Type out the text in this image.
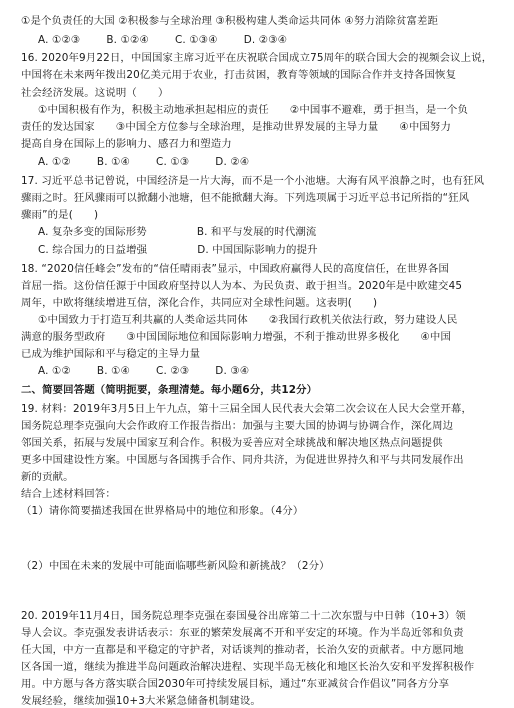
①是个负责任的大国 ②积极参与全球治理 ③积极构建人类命运共同体 ④努力消除贫富差距
A. ①②③	B. ①②④	C. ①③④	D. ②③④
16. 2020年9月22日，中国国家主席习近平在庆祝联合国成立75周年的联合国大会的视频会议上说，
中国将在未来两年拨出20亿美元用于农业，打击贫困，教育等领域的国际合作并支持各国恢复
社会经济发展。这说明（　　）
①中国积极有作为，积极主动地承担起相应的责任　　②中国事不避难，勇于担当，是一个负
责任的发达国家　　③中国全方位参与全球治理，是推动世界发展的主导力量　　④中国努力
提高自身在国际上的影响力、感召力和塑造力
A. ①②	B. ①④	C. ①③	D. ②④
17. 习近平总书记曾说，中国经济是一片大海，而不是一个小池塘。大海有风平浪静之时，也有狂风
骤雨之时。狂风骤雨可以掀翻小池塘，但不能掀翻大海。下列选项属于习近平总书记所指的“狂风
骤雨”的是(　　)
A. 复杂多变的国际形势	B. 和平与发展的时代潮流
C. 综合国力的日益增强	D. 中国国际影响力的提升
18. “2020信任峰会”发布的“信任晴雨表”显示，中国政府赢得人民的高度信任，在世界各国
首屈一指。这份信任源于中国政府坚持以人为本、为民负责、敢于担当。2020年是中欧建交45
周年，中欧将继续增进互信，深化合作，共同应对全球性问题。这表明(　　)
①中国致力于打造互利共赢的人类命运共同体　　②我国行政机关依法行政，努力建设人民
满意的服务型政府　　③中国国际地位和国际影响力增强，不利于推动世界多极化　　④中国
已成为维护国际和平与稳定的主导力量
A. ①②	B. ①④	C. ②③	D. ③④
二、简要回答题（简明扼要，条理清楚。每小题6分，共12分）
19. 材料：2019年3月5日上午九点，第十三届全国人民代表大会第二次会议在人民大会堂开幕，
国务院总理李克强向大会作政府工作报告指出：加强与主要大国的协调与协调合作，深化周边
邻国关系，拓展与发展中国家互利合作。积极为妥善应对全球挑战和解决地区热点问题提供
更多中国建设性方案。中国愿与各国携手合作、同舟共济，为促进世界持久和平与共同发展作出
新的贡献。
结合上述材料回答：
（1）请你简要描述我国在世界格局中的地位和形象。（4分）
（2）中国在未来的发展中可能面临哪些新风险和新挑战？（2分）
20. 2019年11月4日，国务院总理李克强在泰国曼谷出席第二十二次东盟与中日韩（10+3）领
导人会议。李克强发表讲话表示：东亚的繁荣发展离不开和平安定的环境。作为半岛近邻和负责
任大国，中方一直都是和平稳定的守护者，对话谈判的推动者，长治久安的贡献者。中方愿同地
区各国一道，继续为推进半岛问题政治解决进程、实现半岛无核化和地区长治久安和平发挥积极作
用。中方愿与各方落实联合国2030年可持续发展目标，通过“东亚减贫合作倡议”同各方分享
发展经验，继续加强10+3大米紧急储备机制建设。
